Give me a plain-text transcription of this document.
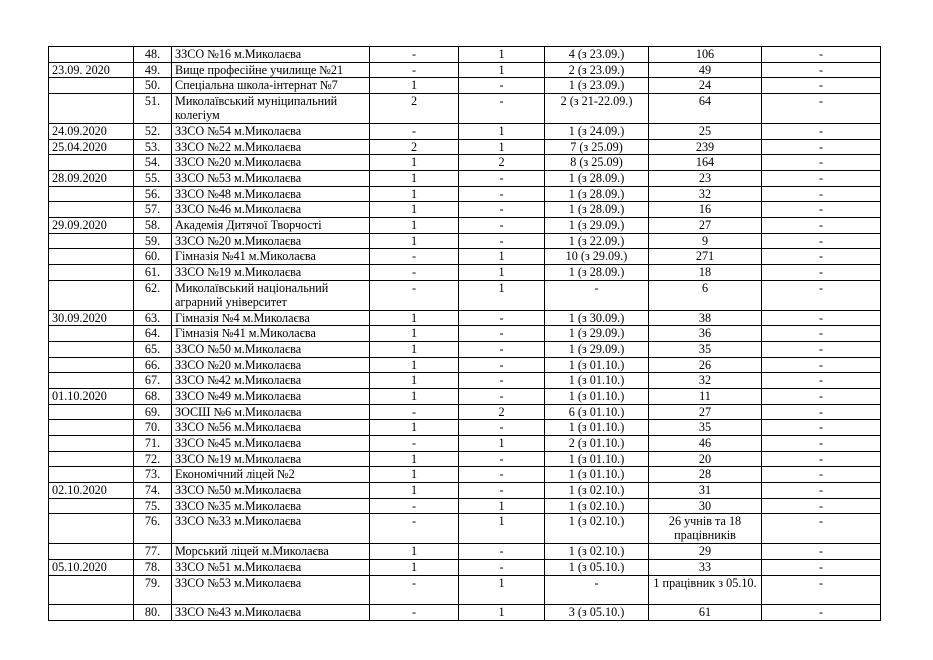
	48.	ЗЗСО №16 м.Миколаєва	-	1	4 (з 23.09.)	106	-
23.09. 2020	49.	Вище професійне училище №21	-	1	2 (з 23.09.)	49	-
	50.	Спеціальна школа-інтернат №7	1	-	1 (з 23.09.)	24	-
	51.	Миколаївський муніципальний колегіум	2	-	2 (з 21-22.09.)	64	-
24.09.2020	52.	ЗЗСО №54 м.Миколаєва	-	1	1 (з 24.09.)	25	-
25.04.2020	53.	ЗЗСО №22 м.Миколаєва	2	1	7 (з 25.09)	239	-
	54.	ЗЗСО №20 м.Миколаєва	1	2	8 (з 25.09)	164	-
28.09.2020	55.	ЗЗСО №53 м.Миколаєва	1	-	1 (з 28.09.)	23	-
	56.	ЗЗСО №48 м.Миколаєва	1	-	1 (з 28.09.)	32	-
	57.	ЗЗСО №46 м.Миколаєва	1	-	1 (з 28.09.)	16	-
29.09.2020	58.	Академія Дитячої Творчості	1	-	1 (з 29.09.)	27	-
	59.	ЗЗСО №20 м.Миколаєва	1	-	1 (з 22.09.)	9	-
	60.	Гімназія №41 м.Миколаєва	-	1	10 (з 29.09.)	271	-
	61.	ЗЗСО №19 м.Миколаєва	-	1	1 (з 28.09.)	18	-
	62.	Миколаївський національний аграрний університет	-	1	-	6	-
30.09.2020	63.	Гімназія №4 м.Миколаєва	1	-	1 (з 30.09.)	38	-
	64.	Гімназія №41 м.Миколаєва	1	-	1 (з 29.09.)	36	-
	65.	ЗЗСО №50 м.Миколаєва	1	-	1 (з 29.09.)	35	-
	66.	ЗЗСО №20 м.Миколаєва	1	-	1 (з 01.10.)	26	-
	67.	ЗЗСО №42 м.Миколаєва	1	-	1 (з 01.10.)	32	-
01.10.2020	68.	ЗЗСО №49 м.Миколаєва	1	-	1 (з 01.10.)	11	-
	69.	ЗОСШ №6 м.Миколаєва	-	2	6 (з 01.10.)	27	-
	70.	ЗЗСО №56 м.Миколаєва	1	-	1 (з 01.10.)	35	-
	71.	ЗЗСО №45 м.Миколаєва	-	1	2 (з 01.10.)	46	-
	72.	ЗЗСО №19 м.Миколаєва	1	-	1 (з 01.10.)	20	-
	73.	Економічний ліцей №2	1	-	1 (з 01.10.)	28	-
02.10.2020	74.	ЗЗСО №50 м.Миколаєва	1	-	1 (з 02.10.)	31	-
	75.	ЗЗСО №35 м.Миколаєва	-	1	1 (з 02.10.)	30	-
	76.	ЗЗСО №33 м.Миколаєва	-	1	1 (з 02.10.)	26 учнів та 18 працівників	-
	77.	Морський ліцей м.Миколаєва	1	-	1 (з 02.10.)	29	-
05.10.2020	78.	ЗЗСО №51 м.Миколаєва	1	-	1 (з 05.10.)	33	-
	79.	ЗЗСО №53 м.Миколаєва	-	1	-	1 працівник з 05.10.	-
	80.	ЗЗСО №43 м.Миколаєва	-	1	3 (з 05.10.)	61	-
